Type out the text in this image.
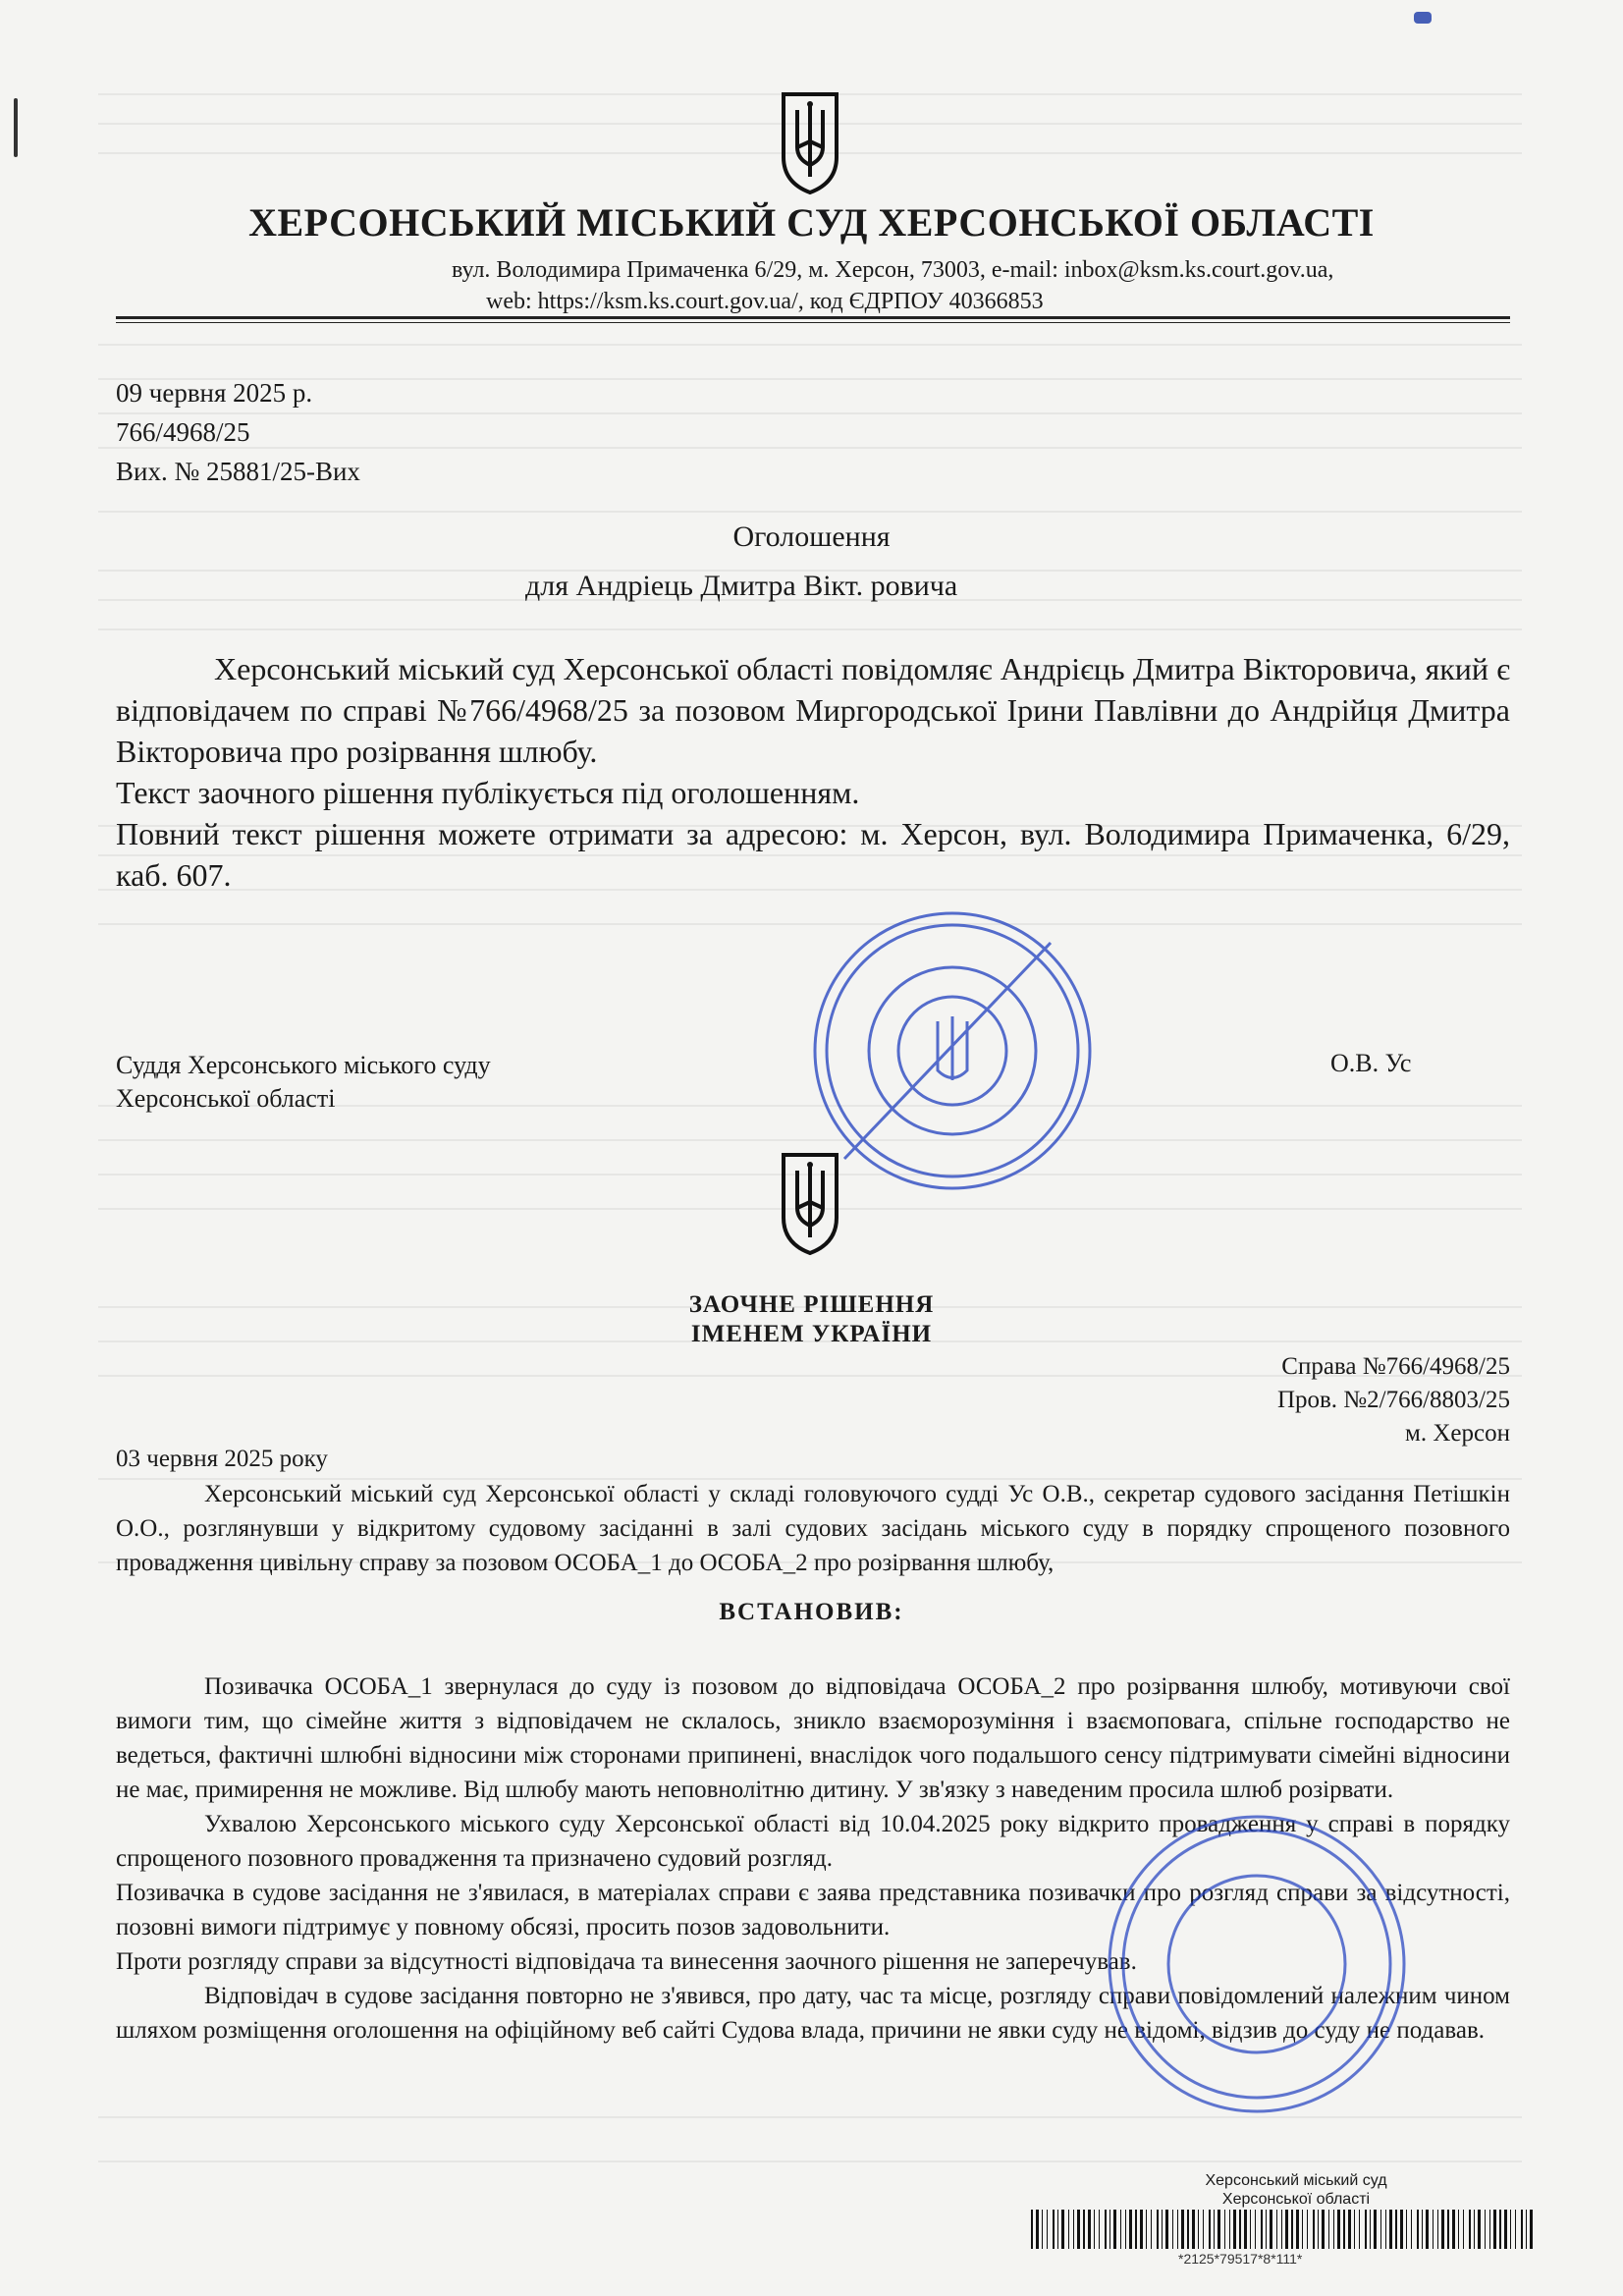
ХЕРСОНСЬКИЙ МІСЬКИЙ СУД ХЕРСОНСЬКОЇ ОБЛАСТІ
вул. Володимира Примаченка 6/29, м. Херсон, 73003, e-mail: inbox@ksm.ks.court.gov.ua,
web: https://ksm.ks.court.gov.ua/, код ЄДРПОУ 40366853
09 червня 2025 р.
766/4968/25
Вих. № 25881/25-Вих
Оголошення
для Андріець Дмитра Вікт. ровича

Херсонський міський суд Херсонської області повідомляє Андрієць Дмитра Вікторовича, який є відповідачем по справі №766/4968/25 за позовом Миргородської Ірини Павлівни до Андрійця Дмитра Вікторовича про розірвання шлюбу.

Текст заочного рішення публікується під оголошенням.

Повний текст рішення можете отримати за адресою: м. Херсон, вул. Володимира Примаченка, 6/29, каб. 607.

Суддя Херсонського міського суду
Херсонської області
О.В. Ус
ЗАОЧНЕ РІШЕННЯ
ІМЕНЕМ УКРАЇНИ
Справа №766/4968/25
Пров. №2/766/8803/25
м. Херсон
03 червня 2025 року

Херсонський міський суд Херсонської області у складі головуючого судді Ус О.В., секретар судового засідання Петішкін О.О., розглянувши у відкритому судовому засіданні в залі судових засідань міського суду в порядку спрощеного позовного провадження цивільну справу за позовом ОСОБА_1 до ОСОБА_2 про розірвання шлюбу,

ВСТАНОВИВ:

Позивачка ОСОБА_1 звернулася до суду із позовом до відповідача ОСОБА_2 про розірвання шлюбу, мотивуючи свої вимоги тим, що сімейне життя з відповідачем не склалось, зникло взаєморозуміння і взаємоповага, спільне господарство не ведеться, фактичні шлюбні відносини між сторонами припинені, внаслідок чого подальшого сенсу підтримувати сімейні відносини не має, примирення не можливе. Від шлюбу мають неповнолітню дитину. У зв'язку з наведеним просила шлюб розірвати.

Ухвалою Херсонського міського суду Херсонської області від 10.04.2025 року відкрито провадження у справі в порядку спрощеного позовного провадження та призначено судовий розгляд.

Позивачка в судове засідання не з'явилася, в матеріалах справи є заява представника позивачки про розгляд справи за відсутності, позовні вимоги підтримує у повному обсязі, просить позов задовольнити.

Проти розгляду справи за відсутності відповідача та винесення заочного рішення не заперечував.

Відповідач в судове засідання повторно не з'явився, про дату, час та місце, розгляду справи повідомлений належним чином шляхом розміщення оголошення на офіційному веб сайті Судова влада, причини не явки суду не відомі, відзив до суду не подавав.

Херсонський міський суд
Херсонської області
*2125*79517*8*111*
